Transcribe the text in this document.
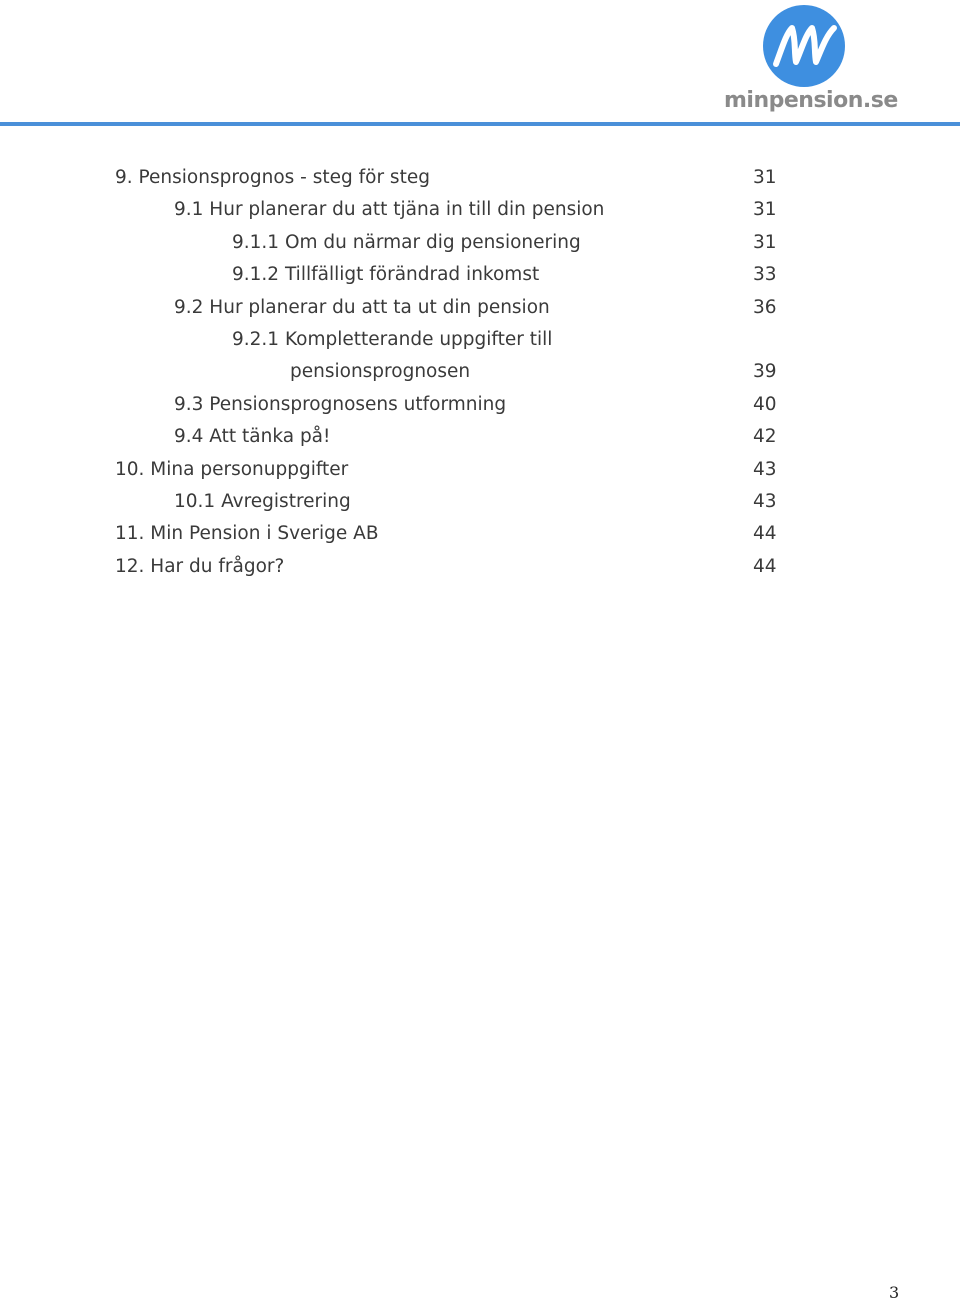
minpension.se
9. Pensionsprognos - steg för steg	31
9.1 Hur planerar du att tjäna in till din pension	31
9.1.1 Om du närmar dig pensionering	31
9.1.2 Tillfälligt förändrad inkomst	33
9.2 Hur planerar du att ta ut din pension	36
9.2.1 Kompletterande uppgifter till
pensionsprognosen	39
9.3 Pensionsprognosens utformning	40
9.4 Att tänka på!	42
10. Mina personuppgifter	43
10.1 Avregistrering	43
11. Min Pension i Sverige AB	44
12. Har du frågor?	44
3
